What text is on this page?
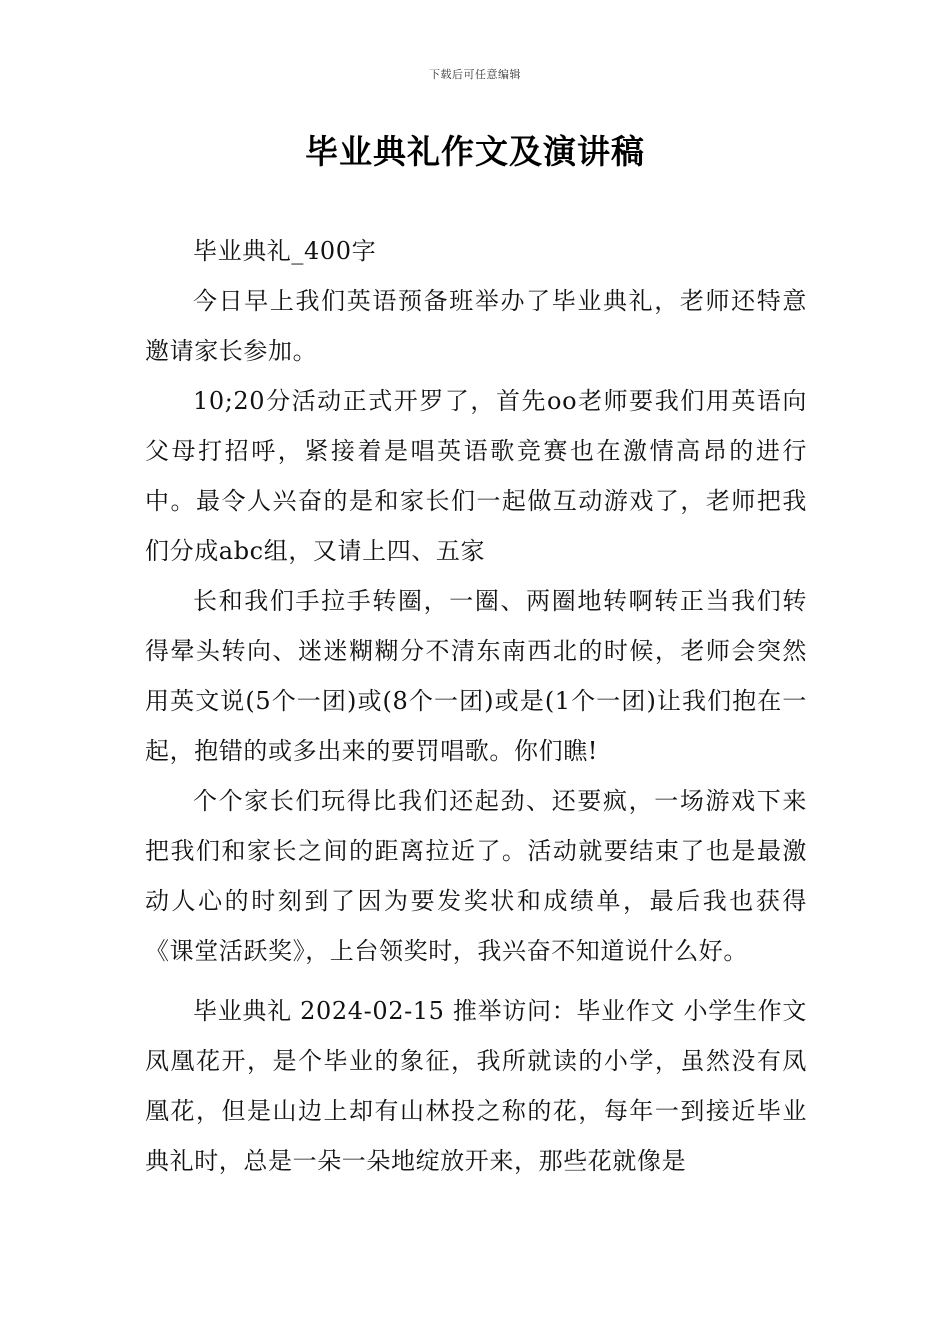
下载后可任意编辑
毕业典礼作文及演讲稿

毕业典礼_400字

今日早上我们英语预备班举办了毕业典礼，老师还特意邀请家长参加。

10;20分活动正式开罗了，首先oo老师要我们用英语向父母打招呼，紧接着是唱英语歌竞赛也在激情高昂的进行中。最令人兴奋的是和家长们一起做互动游戏了，老师把我们分成abc组，又请上四、五家

长和我们手拉手转圈，一圈、两圈地转啊转正当我们转得晕头转向、迷迷糊糊分不清东南西北的时候，老师会突然用英文说(5个一团)或(8个一团)或是(1个一团)让我们抱在一起，抱错的或多出来的要罚唱歌。你们瞧!

个个家长们玩得比我们还起劲、还要疯，一场游戏下来把我们和家长之间的距离拉近了。活动就要结束了也是最激动人心的时刻到了因为要发奖状和成绩单，最后我也获得《课堂活跃奖》，上台领奖时，我兴奋不知道说什么好。

毕业典礼 2024-02-15 推举访问：毕业作文 小学生作文凤凰花开，是个毕业的象征，我所就读的小学，虽然没有凤凰花，但是山边上却有山林投之称的花，每年一到接近毕业典礼时，总是一朵一朵地绽放开来，那些花就像是
